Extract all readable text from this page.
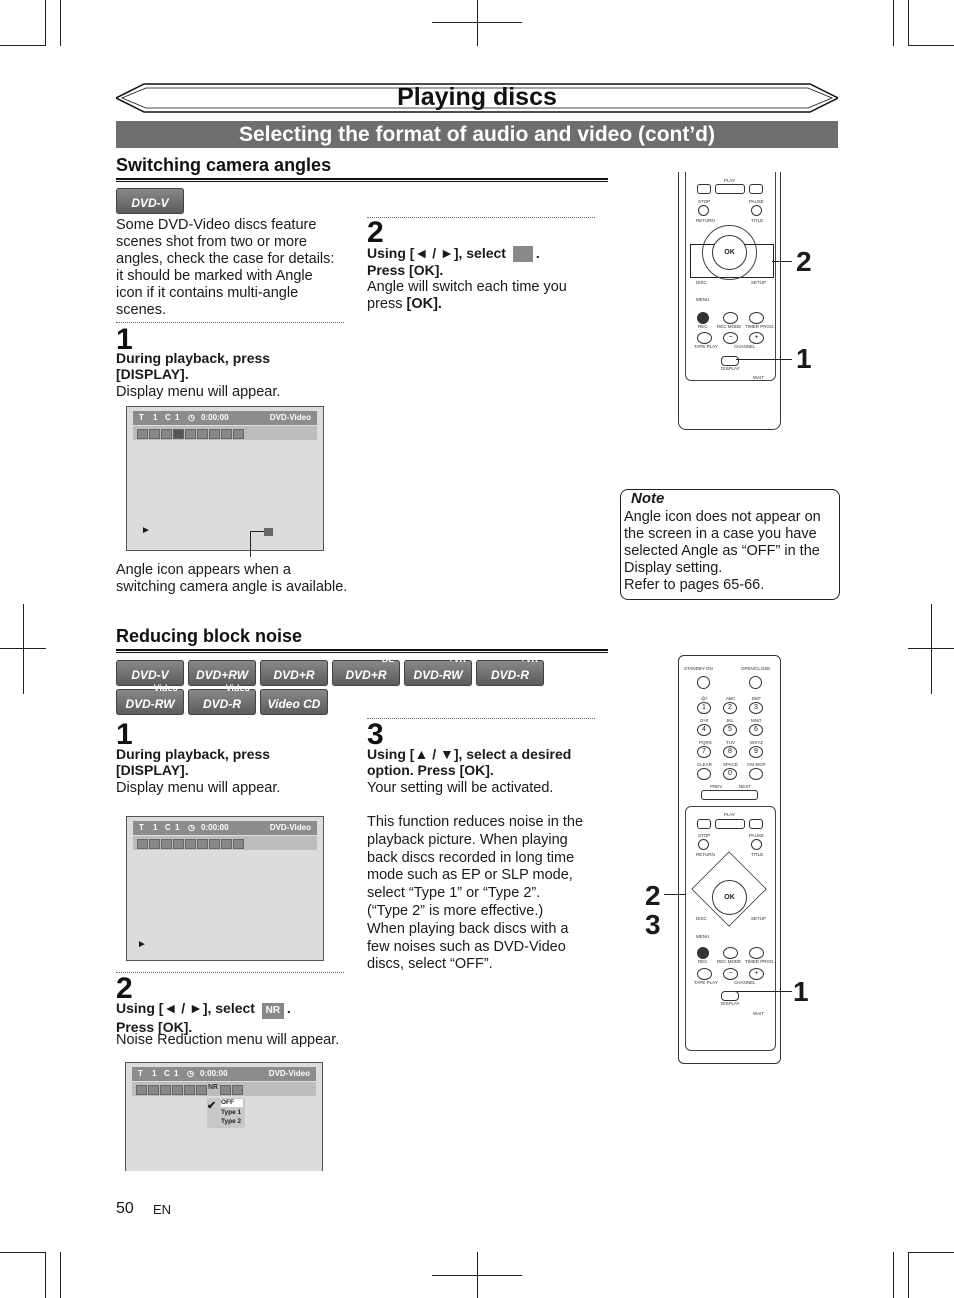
Playing discs
Selecting the format of audio and video (cont’d)
Switching camera angles
DVD-V
Some DVD-Video discs feature
scenes shot from two or more
angles, check the case for details:
it should be marked with Angle
icon if it contains multi-angle
scenes.
1
During playback, press
[DISPLAY].
Display menu will appear.
T 1 C 1 ◷ 0:00:00	DVD-Video
►
Angle icon appears when a
switching camera angle is available.
2
Using [◄ / ►], select .
Press [OK].
Angle will switch each time you
press [OK].
PLAY
STOP	PAUSE
RETURN	TITLE
OK
DISC	SETUP
MENU
REC REC MODE TIMER PROG.
−	+
TAPE PLAY	CHANNEL
DISPLAY
WAIT
2
1
Note
Angle icon does not appear on
the screen in a case you have
selected Angle as “OFF” in the
Display setting.
Refer to pages 65-66.
Reducing block noise
DVD-V	DVD+RW	DVD+R	DVD+R
DL
DVD-RW
+VR
DVD-R
+VR
DVD-RW
Video
DVD-R
Video
Video CD
1
During playback, press
[DISPLAY].
Display menu will appear.
T 1 C 1 ◷ 0:00:00	DVD-Video
►
2
Using [◄ / ►], select NR .
Press [OK].
Noise Reduction menu will appear.
T 1 C 1 ◷ 0:00:00	DVD-Video
NR
✔ OFF
Type 1
Type 2
3
Using [▲ / ▼], select a desired
option. Press [OK].
Your setting will be activated.
This function reduces noise in the
playback picture. When playing
back discs recorded in long time
mode such as EP or SLP mode,
select “Type 1” or “Type 2”.
(“Type 2” is more effective.)
When playing back discs with a
few noises such as DVD-Video
discs, select “OFF”.
STANDBY-ON	OPEN/CLOSE
@/:	ABC	DEF
1	2	3
GHI	JKL	MNO
4	5	6
PQRS	TUV	WXYZ
7	8	9
CLEAR SPACE CM SKIP
0
PREV	NEXT
PLAY
STOP	PAUSE
RETURN	TITLE
OK
DISC	SETUP
MENU
REC REC MODE TIMER PROG.
−	+
TAPE PLAY	CHANNEL
DISPLAY
WAIT
2
3
1
50 EN
